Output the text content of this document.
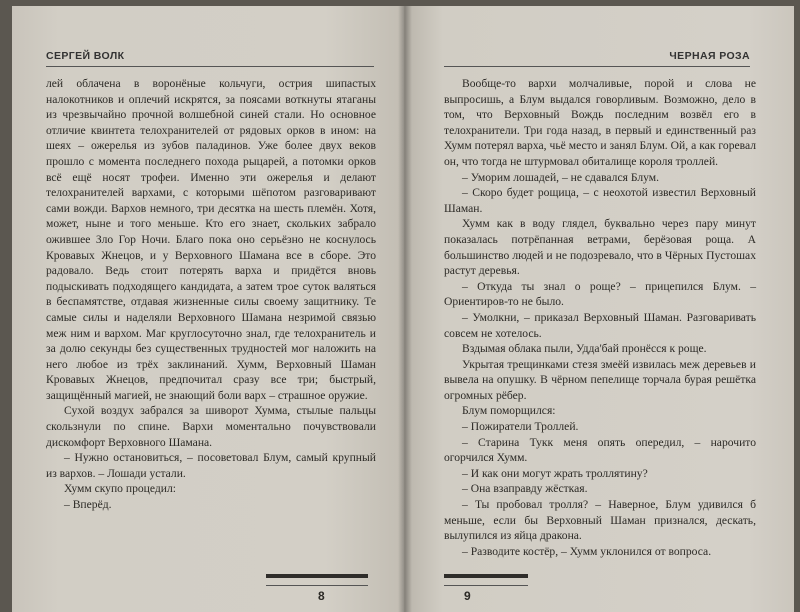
СЕРГЕЙ ВОЛК

лей облачена в воронёные кольчуги, острия шипастых налокотников и оплечий искрятся, за поясами воткнуты ятаганы из чрезвычайно прочной волшебной синей стали. Но основное отличие квинтета телохранителей от рядовых орков в ином: на шеях – ожерелья из зубов паладинов. Уже более двух веков прошло с момента последнего похода рыцарей, а потомки орков всё ещё носят трофеи. Именно эти ожерелья и делают телохранителей вархами, с которыми шёпотом разговаривают сами вожди. Вархов немного, три десятка на шесть племён. Хотя, может, ныне и того меньше. Кто его знает, скольких забрало ожившее Зло Гор Ночи. Благо пока оно серьёзно не коснулось Кровавых Жнецов, и у Верховного Шамана все в сборе. Это радовало. Ведь стоит потерять варха и придётся вновь подыскивать подходящего кандидата, а затем трое суток валяться в беспамятстве, отдавая жизненные силы своему защитнику. Те самые силы и наделяли Верховного Шамана незримой связью меж ним и вархом. Маг круглосуточно знал, где телохранитель и за долю секунды без существенных трудностей мог наложить на него любое из трёх заклинаний. Хумм, Верховный Шаман Кровавых Жнецов, предпочитал сразу все три; быстрый, защищённый магией, не знающий боли варх – страшное оружие.

Сухой воздух забрался за шиворот Хумма, стылые пальцы скользнули по спине. Вархи моментально почувствовали дискомфорт Верховного Шамана.

– Нужно остановиться, – посоветовал Блум, самый крупный из вархов. – Лошади устали.

Хумм скупо процедил:

– Вперёд.

8
ЧЕРНАЯ РОЗА

Вообще-то вархи молчаливые, порой и слова не выпросишь, а Блум выдался говорливым. Возможно, дело в том, что Верховный Вождь последним возвёл его в телохранители. Три года назад, в первый и единственный раз Хумм потерял варха, чьё место и занял Блум. Ой, а как горевал он, что тогда не штурмовал обиталище короля троллей.

– Уморим лошадей, – не сдавался Блум.

– Скоро будет рощица, – с неохотой известил Верховный Шаман.

Хумм как в воду глядел, буквально через пару минут показалась потрёпанная ветрами, берёзовая роща. А большинство людей и не подозревало, что в Чёрных Пустошах растут деревья.

– Откуда ты знал о роще? – прицепился Блум. – Ориентиров-то не было.

– Умолкни, – приказал Верховный Шаман. Разговаривать совсем не хотелось.

Вздымая облака пыли, Удда'бай пронёсся к роще.

Укрытая трещинками стезя змеёй извилась меж деревьев и вывела на опушку. В чёрном пепелище торчала бурая решётка огромных рёбер.

Блум поморщился:

– Пожиратели Троллей.

– Старина Тукк меня опять опередил, – нарочито огорчился Хумм.

– И как они могут жрать троллятину?

– Она взаправду жёсткая.

– Ты пробовал тролля? – Наверное, Блум удивился б меньше, если бы Верховный Шаман признался, дескать, вылупился из яйца дракона.

– Разводите костёр, – Хумм уклонился от вопроса.

9
